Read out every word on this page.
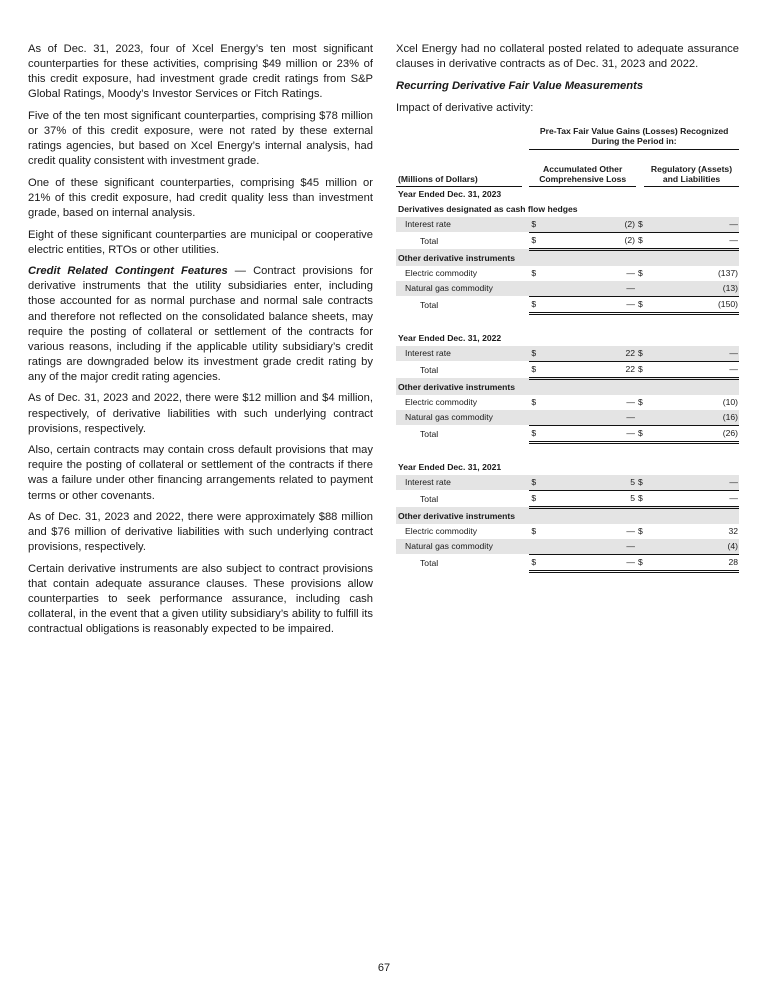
As of Dec. 31, 2023, four of Xcel Energy’s ten most significant counterparties for these activities, comprising $49 million or 23% of this credit exposure, had investment grade credit ratings from S&P Global Ratings, Moody’s Investor Services or Fitch Ratings.

Five of the ten most significant counterparties, comprising $78 million or 37% of this credit exposure, were not rated by these external ratings agencies, but based on Xcel Energy’s internal analysis, had credit quality consistent with investment grade.

One of these significant counterparties, comprising $45 million or 21% of this credit exposure, had credit quality less than investment grade, based on internal analysis.

Eight of these significant counterparties are municipal or cooperative electric entities, RTOs or other utilities.

Credit Related Contingent Features — Contract provisions for derivative instruments that the utility subsidiaries enter, including those accounted for as normal purchase and normal sale contracts and therefore not reflected on the consolidated balance sheets, may require the posting of collateral or settlement of the contracts for various reasons, including if the applicable utility subsidiary’s credit ratings are downgraded below its investment grade credit rating by any of the major credit rating agencies.

As of Dec. 31, 2023 and 2022, there were $12 million and $4 million, respectively, of derivative liabilities with such underlying contract provisions, respectively.

Also, certain contracts may contain cross default provisions that may require the posting of collateral or settlement of the contracts if there was a failure under other financing arrangements related to payment terms or other covenants.

As of Dec. 31, 2023 and 2022, there were approximately $88 million and $76 million of derivative liabilities with such underlying contract provisions, respectively.

Certain derivative instruments are also subject to contract provisions that contain adequate assurance clauses. These provisions allow counterparties to seek performance assurance, including cash collateral, in the event that a given utility subsidiary’s ability to fulfill its contractual obligations is reasonably expected to be impaired.

Xcel Energy had no collateral posted related to adequate assurance clauses in derivative contracts as of Dec. 31, 2023 and 2022.

Recurring Derivative Fair Value Measurements

Impact of derivative activity:

		Pre-Tax Fair Value Gains (Losses) Recognized During the Period in:			
(Millions of Dollars)		Accumulated Other Comprehensive Loss			Regulatory (Assets) and Liabilities
Year Ended Dec. 31, 2023					
Derivatives designated as cash flow hedges					
Interest rate		$	(2)	$	—
Total		$	(2)	$	—
Other derivative instruments					
Electric commodity		$	—	$	(137)
Natural gas commodity			—		(13)
Total		$	—	$	(150)

Year Ended Dec. 31, 2022					
Interest rate		$	22	$	—
Total		$	22	$	—
Other derivative instruments					
Electric commodity		$	—	$	(10)
Natural gas commodity			—		(16)
Total		$	—	$	(26)

Year Ended Dec. 31, 2021					
Interest rate		$	5	$	—
Total		$	5	$	—
Other derivative instruments					
Electric commodity		$	—	$	32
Natural gas commodity			—		(4)
Total		$	—	$	28
67
